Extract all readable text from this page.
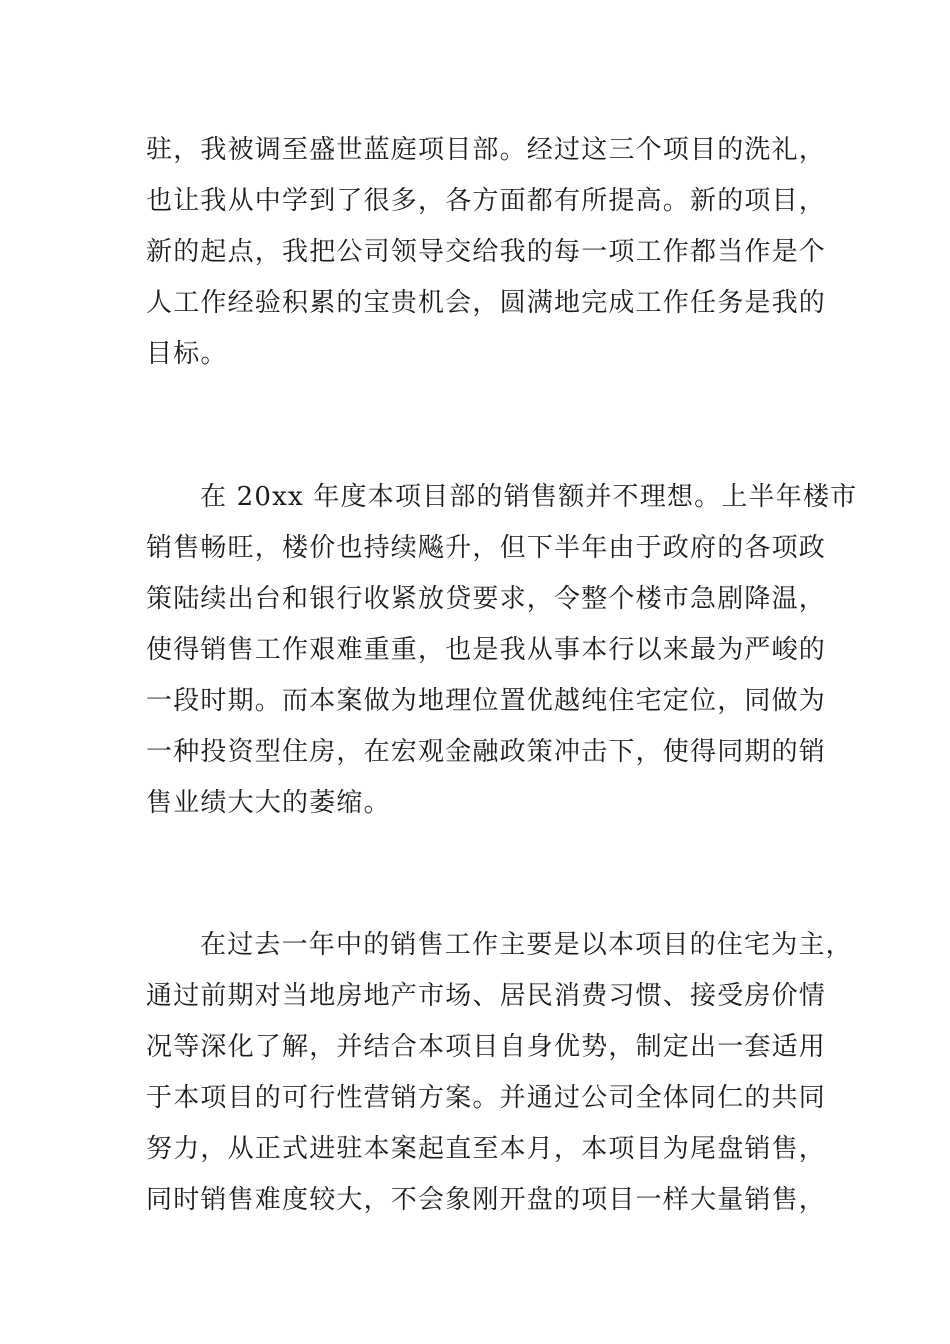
驻，我被调至盛世蓝庭项目部。经过这三个项目的洗礼，
也让我从中学到了很多，各方面都有所提高。新的项目，
新的起点，我把公司领导交给我的每一项工作都当作是个
人工作经验积累的宝贵机会，圆满地完成工作任务是我的
目标。

在 20xx 年度本项目部的销售额并不理想。上半年楼市
销售畅旺，楼价也持续飚升，但下半年由于政府的各项政
策陆续出台和银行收紧放贷要求，令整个楼市急剧降温，
使得销售工作艰难重重，也是我从事本行以来最为严峻的
一段时期。而本案做为地理位置优越纯住宅定位，同做为
一种投资型住房，在宏观金融政策冲击下，使得同期的销
售业绩大大的萎缩。

在过去一年中的销售工作主要是以本项目的住宅为主，
通过前期对当地房地产市场、居民消费习惯、接受房价情
况等深化了解，并结合本项目自身优势，制定出一套适用
于本项目的可行性营销方案。并通过公司全体同仁的共同
努力，从正式进驻本案起直至本月，本项目为尾盘销售，
同时销售难度较大，不会象刚开盘的项目一样大量销售，
